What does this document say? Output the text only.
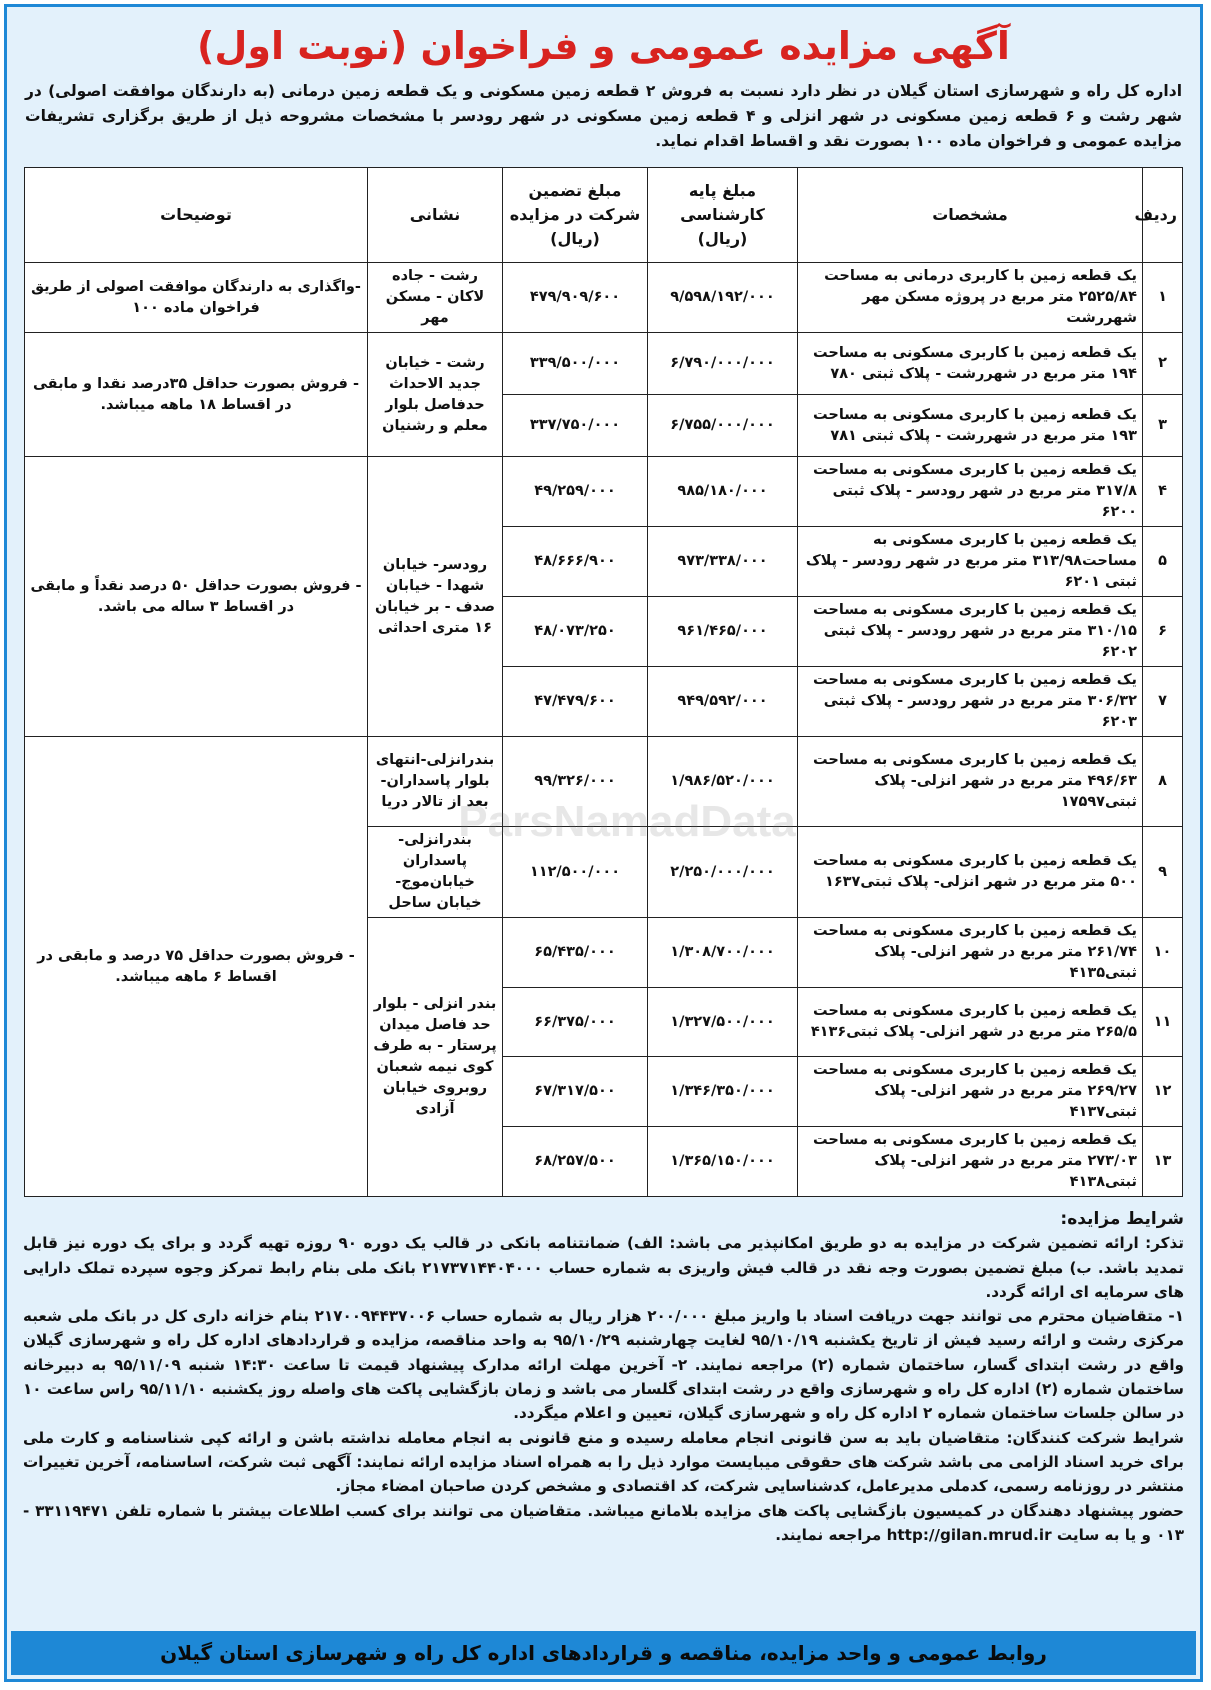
آگهی مزایده عمومی و فراخوان (نوبت اول)
اداره کل راه و شهرسازی استان گیلان در نظر دارد نسبت به فروش ۲ قطعه زمین مسکونی و یک قطعه زمین درمانی (به دارندگان موافقت اصولی) در شهر رشت و ۶ قطعه زمین مسکونی در شهر انزلی و ۴ قطعه زمین مسکونی در شهر رودسر با مشخصات مشروحه ذیل از طریق برگزاری تشریفات مزایده عمومی و فراخوان ماده ۱۰۰ بصورت نقد و اقساط اقدام نماید.
ردیف	مشخصات	مبلغ پایه کارشناسی (ریال)	مبلغ تضمین شرکت در مزایده (ریال)	نشانی	توضیحات
۱	یک قطعه زمین با کاربری درمانی به مساحت ۲۵۲۵/۸۴ متر مربع در پروژه مسکن مهر شهررشت	۹/۵۹۸/۱۹۲/۰۰۰	۴۷۹/۹۰۹/۶۰۰	رشت - جاده لاکان - مسکن مهر	-واگذاری به دارندگان موافقت اصولی از طریق فراخوان ماده ۱۰۰
۲	یک قطعه زمین با کاربری مسکونی به مساحت ۱۹۴ متر مربع در شهررشت - پلاک ثبتی ۷۸۰	۶/۷۹۰/۰۰۰/۰۰۰	۳۳۹/۵۰۰/۰۰۰	رشت - خیابان جدید الاحداث حدفاصل بلوار معلم و رشنیان	- فروش بصورت حداقل ۳۵درصد نقدا و مابقی در اقساط ۱۸ ماهه میباشد.
۳	یک قطعه زمین با کاربری مسکونی به مساحت ۱۹۳ متر مربع در شهررشت - پلاک ثبتی ۷۸۱	۶/۷۵۵/۰۰۰/۰۰۰	۳۳۷/۷۵۰/۰۰۰		
۴	یک قطعه زمین با کاربری مسکونی به مساحت ۳۱۷/۸ متر مربع در شهر رودسر - پلاک ثبتی ۶۲۰۰	۹۸۵/۱۸۰/۰۰۰	۴۹/۲۵۹/۰۰۰	رودسر- خیابان شهدا - خیابان صدف - بر خیابان ۱۶ متری احداثی	- فروش بصورت حداقل ۵۰ درصد نقداً و مابقی در اقساط ۳ ساله می باشد.
۵	یک قطعه زمین با کاربری مسکونی به مساحت۳۱۳/۹۸ متر مربع در شهر رودسر - پلاک ثبتی ۶۲۰۱	۹۷۳/۳۳۸/۰۰۰	۴۸/۶۶۶/۹۰۰		
۶	یک قطعه زمین با کاربری مسکونی به مساحت ۳۱۰/۱۵ متر مربع در شهر رودسر - پلاک ثبتی ۶۲۰۲	۹۶۱/۴۶۵/۰۰۰	۴۸/۰۷۳/۲۵۰		
۷	یک قطعه زمین با کاربری مسکونی به مساحت ۳۰۶/۳۲ متر مربع در شهر رودسر - پلاک ثبتی ۶۲۰۳	۹۴۹/۵۹۲/۰۰۰	۴۷/۴۷۹/۶۰۰		
۸	یک قطعه زمین با کاربری مسکونی به مساحت ۴۹۶/۶۳ متر مربع در شهر انزلی- پلاک ثبتی۱۷۵۹۷	۱/۹۸۶/۵۲۰/۰۰۰	۹۹/۳۲۶/۰۰۰	بندرانزلی-انتهای بلوار پاسداران-بعد از تالار دریا	- فروش بصورت حداقل ۷۵ درصد و مابقی در اقساط ۶ ماهه میباشد.
۹	یک قطعه زمین با کاربری مسکونی به مساحت ۵۰۰ متر مربع در شهر انزلی- پلاک ثبتی۱۶۳۷	۲/۲۵۰/۰۰۰/۰۰۰	۱۱۲/۵۰۰/۰۰۰	بندرانزلی-پاسداران خیابان‌موج-خیابان ساحل	
۱۰	یک قطعه زمین با کاربری مسکونی به مساحت ۲۶۱/۷۴ متر مربع در شهر انزلی- پلاک ثبتی۴۱۳۵	۱/۳۰۸/۷۰۰/۰۰۰	۶۵/۴۳۵/۰۰۰	بندر انزلی - بلوار حد فاصل میدان پرستار - به طرف کوی نیمه شعبان روبروی خیابان آزادی	
۱۱	یک قطعه زمین با کاربری مسکونی به مساحت ۲۶۵/۵ متر مربع در شهر انزلی- پلاک ثبتی۴۱۳۶	۱/۳۲۷/۵۰۰/۰۰۰	۶۶/۳۷۵/۰۰۰		
۱۲	یک قطعه زمین با کاربری مسکونی به مساحت ۲۶۹/۲۷ متر مربع در شهر انزلی- پلاک ثبتی۴۱۳۷	۱/۳۴۶/۳۵۰/۰۰۰	۶۷/۳۱۷/۵۰۰		
۱۳	یک قطعه زمین با کاربری مسکونی به مساحت ۲۷۳/۰۳ متر مربع در شهر انزلی- پلاک ثبتی۴۱۳۸	۱/۳۶۵/۱۵۰/۰۰۰	۶۸/۲۵۷/۵۰۰		
شرایط مزایده:
تذکر: ارائه تضمین شرکت در مزایده به دو طریق امکانپذیر می باشد: الف) ضمانتنامه بانکی در قالب یک دوره ۹۰ روزه تهیه گردد و برای یک دوره نیز قابل تمدید باشد. ب) مبلغ تضمین بصورت وجه نقد در قالب فیش واریزی به شماره حساب ۲۱۷۳۷۱۴۴۰۴۰۰۰ بانک ملی بنام رابط تمرکز وجوه سپرده تملک دارایی های سرمایه ای ارائه گردد.
۱- متقاضیان محترم می توانند جهت دریافت اسناد با واریز مبلغ ۲۰۰/۰۰۰ هزار ریال به شماره حساب ۲۱۷۰۰۹۴۴۳۷۰۰۶ بنام خزانه داری کل در بانک ملی شعبه مرکزی رشت و ارائه رسید فیش از تاریخ یکشنبه ۹۵/۱۰/۱۹ لغایت چهارشنبه ۹۵/۱۰/۲۹ به واحد مناقصه، مزایده و قراردادهای اداره کل راه و شهرسازی گیلان واقع در رشت ابتدای گسار، ساختمان شماره (۲) مراجعه نمایند. ۲- آخرین مهلت ارائه مدارک پیشنهاد قیمت تا ساعت ۱۴:۳۰ شنبه ۹۵/۱۱/۰۹ به دبیرخانه ساختمان شماره (۲) اداره کل راه و شهرسازی واقع در رشت ابتدای گلسار می باشد و زمان بازگشایی پاکت های واصله روز یکشنبه ۹۵/۱۱/۱۰ راس ساعت ۱۰ در سالن جلسات ساختمان شماره ۲ اداره کل راه و شهرسازی گیلان، تعیین و اعلام میگردد.
شرایط شرکت کنندگان: متقاضیان باید به سن قانونی انجام معامله رسیده و منع قانونی به انجام معامله نداشته باشن و ارائه کپی شناسنامه و کارت ملی برای خرید اسناد الزامی می باشد شرکت های حقوقی میبایست موارد ذیل را به همراه اسناد مزایده ارائه نمایند: آگهی ثبت شرکت، اساسنامه، آخرین تغییرات منتشر در روزنامه رسمی، کدملی مدیرعامل، کدشناسایی شرکت، کد اقتصادی و مشخص کردن صاحبان امضاء مجاز.
حضور پیشنهاد دهندگان در کمیسیون بازگشایی پاکت های مزایده بلامانع میباشد. متقاضیان می توانند برای کسب اطلاعات بیشتر با شماره تلفن ۳۳۱۱۹۴۷۱ - ۰۱۳ و یا به سایت http://gilan.mrud.ir مراجعه نمایند.
روابط عمومی و واحد مزایده، مناقصه و قراردادهای اداره کل راه و شهرسازی استان گیلان
